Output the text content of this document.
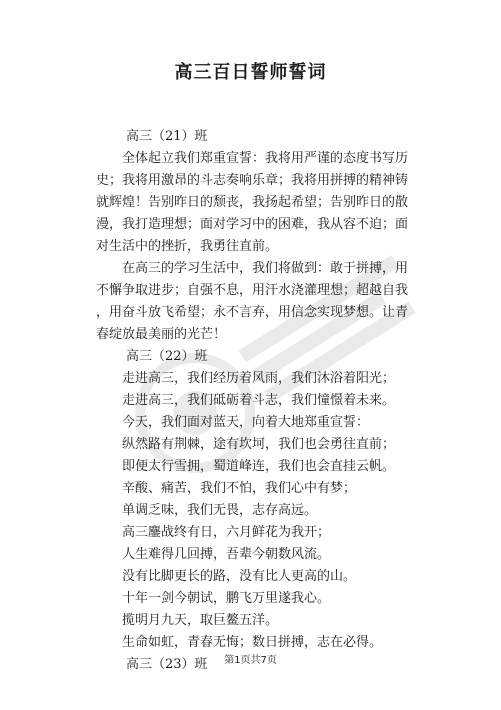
高三百日誓师誓词
高三（21）班
全体起立我们郑重宣誓：我将用严谨的态度书写历
史；我将用激昂的斗志奏响乐章；我将用拼搏的精神铸
就辉煌！告别昨日的颓丧，我扬起希望；告别昨日的散
漫，我打造理想；面对学习中的困难，我从容不迫；面
对生活中的挫折，我勇往直前。
在高三的学习生活中，我们将做到：敢于拼搏，用
不懈争取进步；自强不息，用汗水浇灌理想；超越自我
，用奋斗放飞希望；永不言弃，用信念实现梦想。让青
春绽放最美丽的光芒！
高三（22）班
走进高三，我们经历着风雨，我们沐浴着阳光；
走进高三，我们砥砺着斗志，我们憧憬着未来。
今天，我们面对蓝天，向着大地郑重宣誓：
纵然路有荆棘，途有坎坷，我们也会勇往直前；
即便太行雪拥，蜀道峰连，我们也会直挂云帆。
辛酸、痛苦，我们不怕，我们心中有梦；
单调乏味，我们无畏，志存高远。
高三鏖战终有日，六月鲜花为我开；
人生难得几回搏，吾辈今朝数风流。
没有比脚更长的路，没有比人更高的山。
十年一剑今朝试，鹏飞万里遂我心。
揽明月九天，取巨鳌五洋。
生命如虹，青春无悔；数日拼搏，志在必得。
高三（23）班	第1页共7页
